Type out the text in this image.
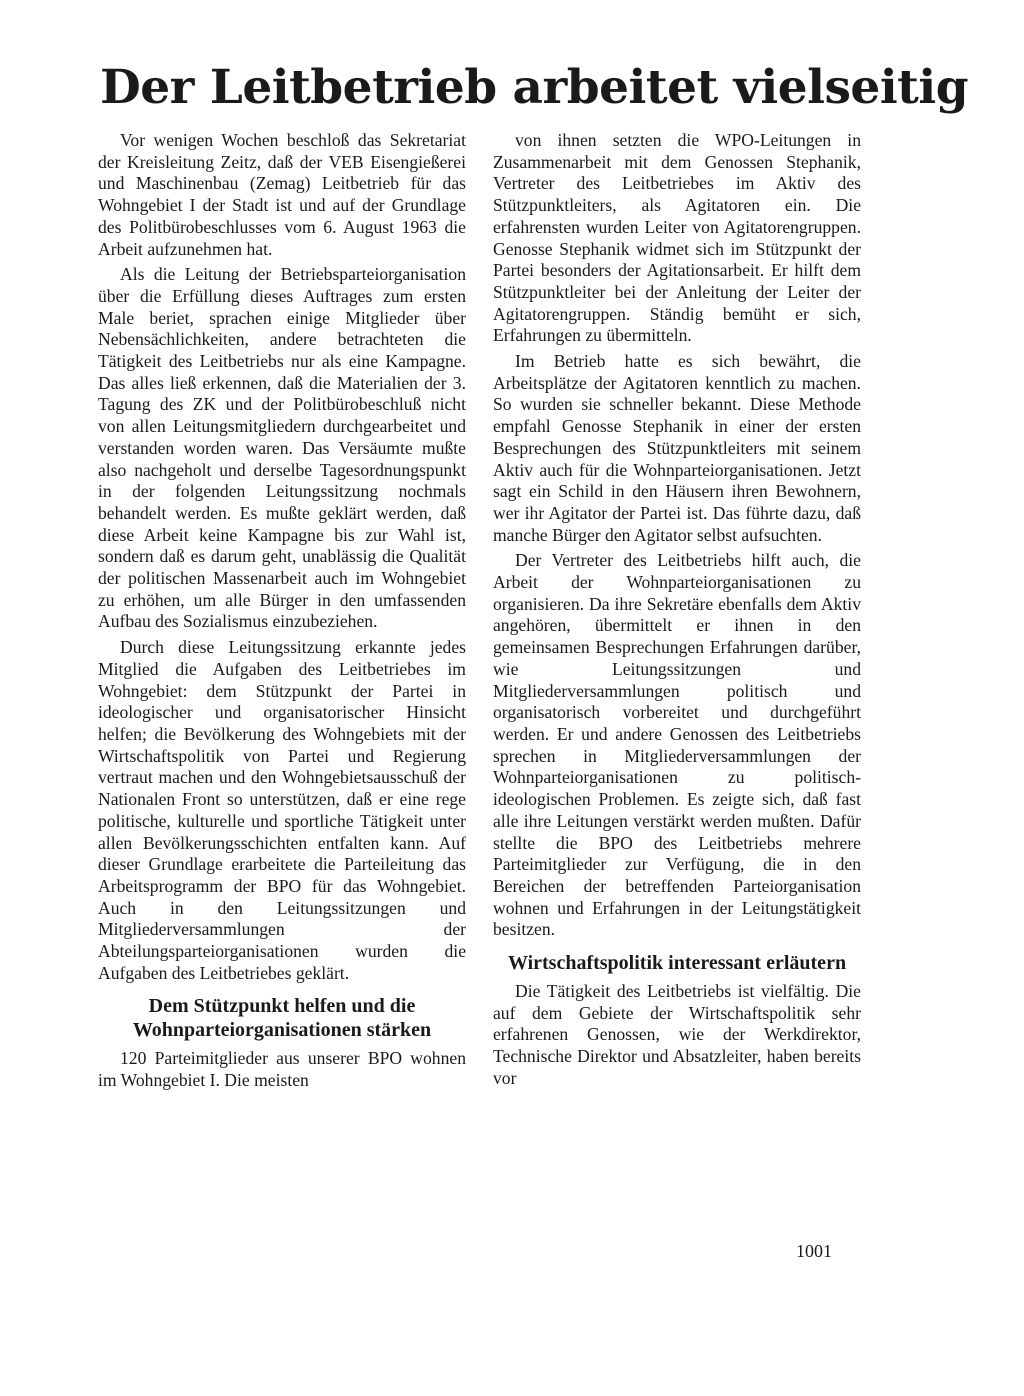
Der Leitbetrieb arbeitet vielseitig

Vor wenigen Wochen beschloß das Sekretariat der Kreisleitung Zeitz, daß der VEB Eisengießerei und Maschinenbau (Zemag) Leitbetrieb für das Wohngebiet I der Stadt ist und auf der Grundlage des Politbürobeschlusses vom 6. August 1963 die Arbeit aufzunehmen hat.

Als die Leitung der Betriebsparteiorganisation über die Erfüllung dieses Auftrages zum ersten Male beriet, sprachen einige Mitglieder über Nebensächlichkeiten, andere betrachteten die Tätigkeit des Leitbetriebs nur als eine Kampagne. Das alles ließ erkennen, daß die Materialien der 3. Tagung des ZK und der Politbürobeschluß nicht von allen Leitungsmitgliedern durchgearbeitet und verstanden worden waren. Das Versäumte mußte also nachgeholt und derselbe Tagesordnungspunkt in der folgenden Leitungssitzung nochmals behandelt werden. Es mußte geklärt werden, daß diese Arbeit keine Kampagne bis zur Wahl ist, sondern daß es darum geht, unablässig die Qualität der politischen Massenarbeit auch im Wohngebiet zu erhöhen, um alle Bürger in den umfassenden Aufbau des Sozialismus einzubeziehen.

Durch diese Leitungssitzung erkannte jedes Mitglied die Aufgaben des Leitbetriebes im Wohngebiet: dem Stützpunkt der Partei in ideologischer und organisatorischer Hinsicht helfen; die Bevölkerung des Wohngebiets mit der Wirtschaftspolitik von Partei und Regierung vertraut machen und den Wohngebietsausschuß der Nationalen Front so unterstützen, daß er eine rege politische, kulturelle und sportliche Tätigkeit unter allen Bevölkerungsschichten entfalten kann. Auf dieser Grundlage erarbeitete die Parteileitung das Arbeitsprogramm der BPO für das Wohngebiet. Auch in den Leitungssitzungen und Mitgliederversammlungen der Abteilungsparteiorganisationen wurden die Aufgaben des Leitbetriebes geklärt.

Dem Stützpunkt helfen und die Wohnparteiorganisationen stärken

120 Parteimitglieder aus unserer BPO wohnen im Wohngebiet I. Die meisten

von ihnen setzten die WPO-Leitungen in Zusammenarbeit mit dem Genossen Stephanik, Vertreter des Leitbetriebes im Aktiv des Stützpunktleiters, als Agitatoren ein. Die erfahrensten wurden Leiter von Agitatorengruppen. Genosse Stephanik widmet sich im Stützpunkt der Partei besonders der Agitationsarbeit. Er hilft dem Stützpunktleiter bei der Anleitung der Leiter der Agitatorengruppen. Ständig bemüht er sich, Erfahrungen zu übermitteln.

Im Betrieb hatte es sich bewährt, die Arbeitsplätze der Agitatoren kenntlich zu machen. So wurden sie schneller bekannt. Diese Methode empfahl Genosse Stephanik in einer der ersten Besprechungen des Stützpunktleiters mit seinem Aktiv auch für die Wohnparteiorganisationen. Jetzt sagt ein Schild in den Häusern ihren Bewohnern, wer ihr Agitator der Partei ist. Das führte dazu, daß manche Bürger den Agitator selbst aufsuchten.

Der Vertreter des Leitbetriebs hilft auch, die Arbeit der Wohnparteiorganisationen zu organisieren. Da ihre Sekretäre ebenfalls dem Aktiv angehören, übermittelt er ihnen in den gemeinsamen Besprechungen Erfahrungen darüber, wie Leitungssitzungen und Mitgliederversammlungen politisch und organisatorisch vorbereitet und durchgeführt werden. Er und andere Genossen des Leitbetriebs sprechen in Mitgliederversammlungen der Wohnparteiorganisationen zu politisch-ideologischen Problemen. Es zeigte sich, daß fast alle ihre Leitungen verstärkt werden mußten. Dafür stellte die BPO des Leitbetriebs mehrere Parteimitglieder zur Verfügung, die in den Bereichen der betreffenden Parteiorganisation wohnen und Erfahrungen in der Leitungstätigkeit besitzen.

Wirtschaftspolitik interessant erläutern

Die Tätigkeit des Leitbetriebs ist vielfältig. Die auf dem Gebiete der Wirtschaftspolitik sehr erfahrenen Genossen, wie der Werkdirektor, Technische Direktor und Absatzleiter, haben bereits vor

1001
